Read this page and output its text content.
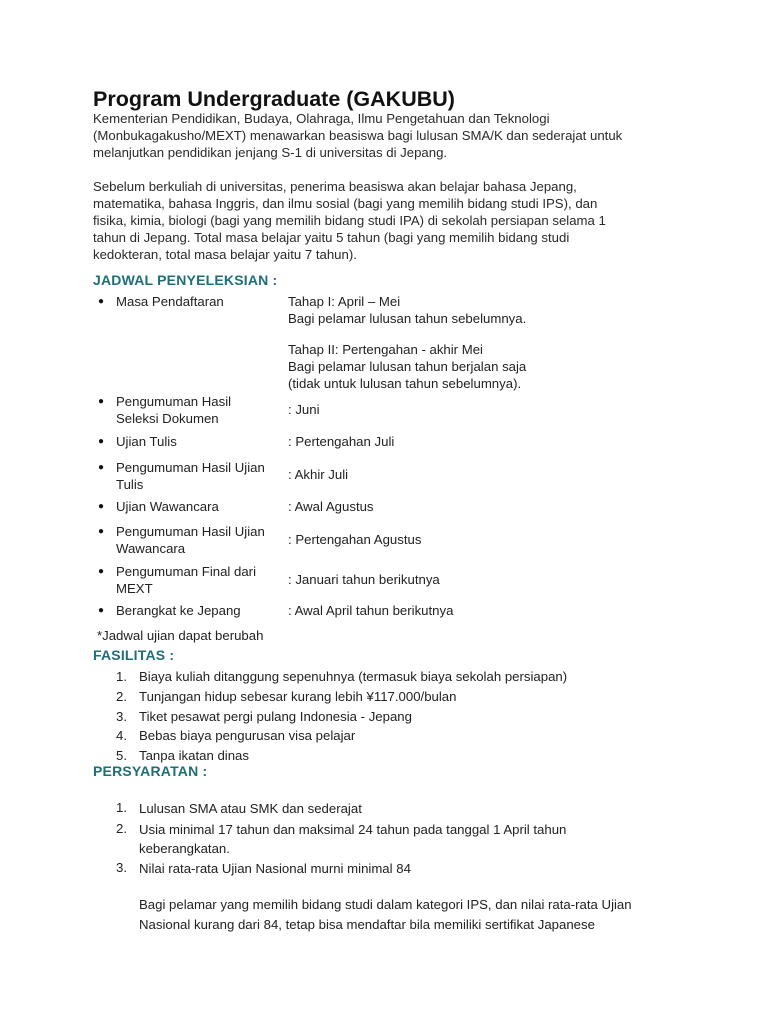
Program Undergraduate (GAKUBU)
Kementerian Pendidikan, Budaya, Olahraga, Ilmu Pengetahuan dan Teknologi
(Monbukagakusho/MEXT) menawarkan beasiswa bagi lulusan SMA/K dan sederajat untuk
melanjutkan pendidikan jenjang S-1 di universitas di Jepang.
Sebelum berkuliah di universitas, penerima beasiswa akan belajar bahasa Jepang,
matematika, bahasa Inggris, dan ilmu sosial (bagi yang memilih bidang studi IPS), dan
fisika, kimia, biologi (bagi yang memilih bidang studi IPA) di sekolah persiapan selama 1
tahun di Jepang. Total masa belajar yaitu 5 tahun (bagi yang memilih bidang studi
kedokteran, total masa belajar yaitu 7 tahun).
JADWAL PENYELEKSIAN :
● Masa Pendaftaran	Tahap I: April – Mei
Bagi pelamar lulusan tahun sebelumnya.
Tahap II: Pertengahan - akhir Mei
Bagi pelamar lulusan tahun berjalan saja
(tidak untuk lulusan tahun sebelumnya).
● Pengumuman Hasil
Seleksi Dokumen
: Juni
● Ujian Tulis	: Pertengahan Juli
● Pengumuman Hasil Ujian
Tulis
: Akhir Juli
● Ujian Wawancara	: Awal Agustus
● Pengumuman Hasil Ujian
Wawancara
: Pertengahan Agustus
● Pengumuman Final dari
MEXT
: Januari tahun berikutnya
● Berangkat ke Jepang	: Awal April tahun berikutnya
*Jadwal ujian dapat berubah
FASILITAS :
1. Biaya kuliah ditanggung sepenuhnya (termasuk biaya sekolah persiapan)
2. Tunjangan hidup sebesar kurang lebih ¥117.000/bulan
3. Tiket pesawat pergi pulang Indonesia - Jepang
4. Bebas biaya pengurusan visa pelajar
5. Tanpa ikatan dinas
PERSYARATAN :
1. Lulusan SMA atau SMK dan sederajat
2. Usia minimal 17 tahun dan maksimal 24 tahun pada tanggal 1 April tahun
keberangkatan.
3. Nilai rata-rata Ujian Nasional murni minimal 84
Bagi pelamar yang memilih bidang studi dalam kategori IPS, dan nilai rata-rata Ujian
Nasional kurang dari 84, tetap bisa mendaftar bila memiliki sertifikat Japanese
